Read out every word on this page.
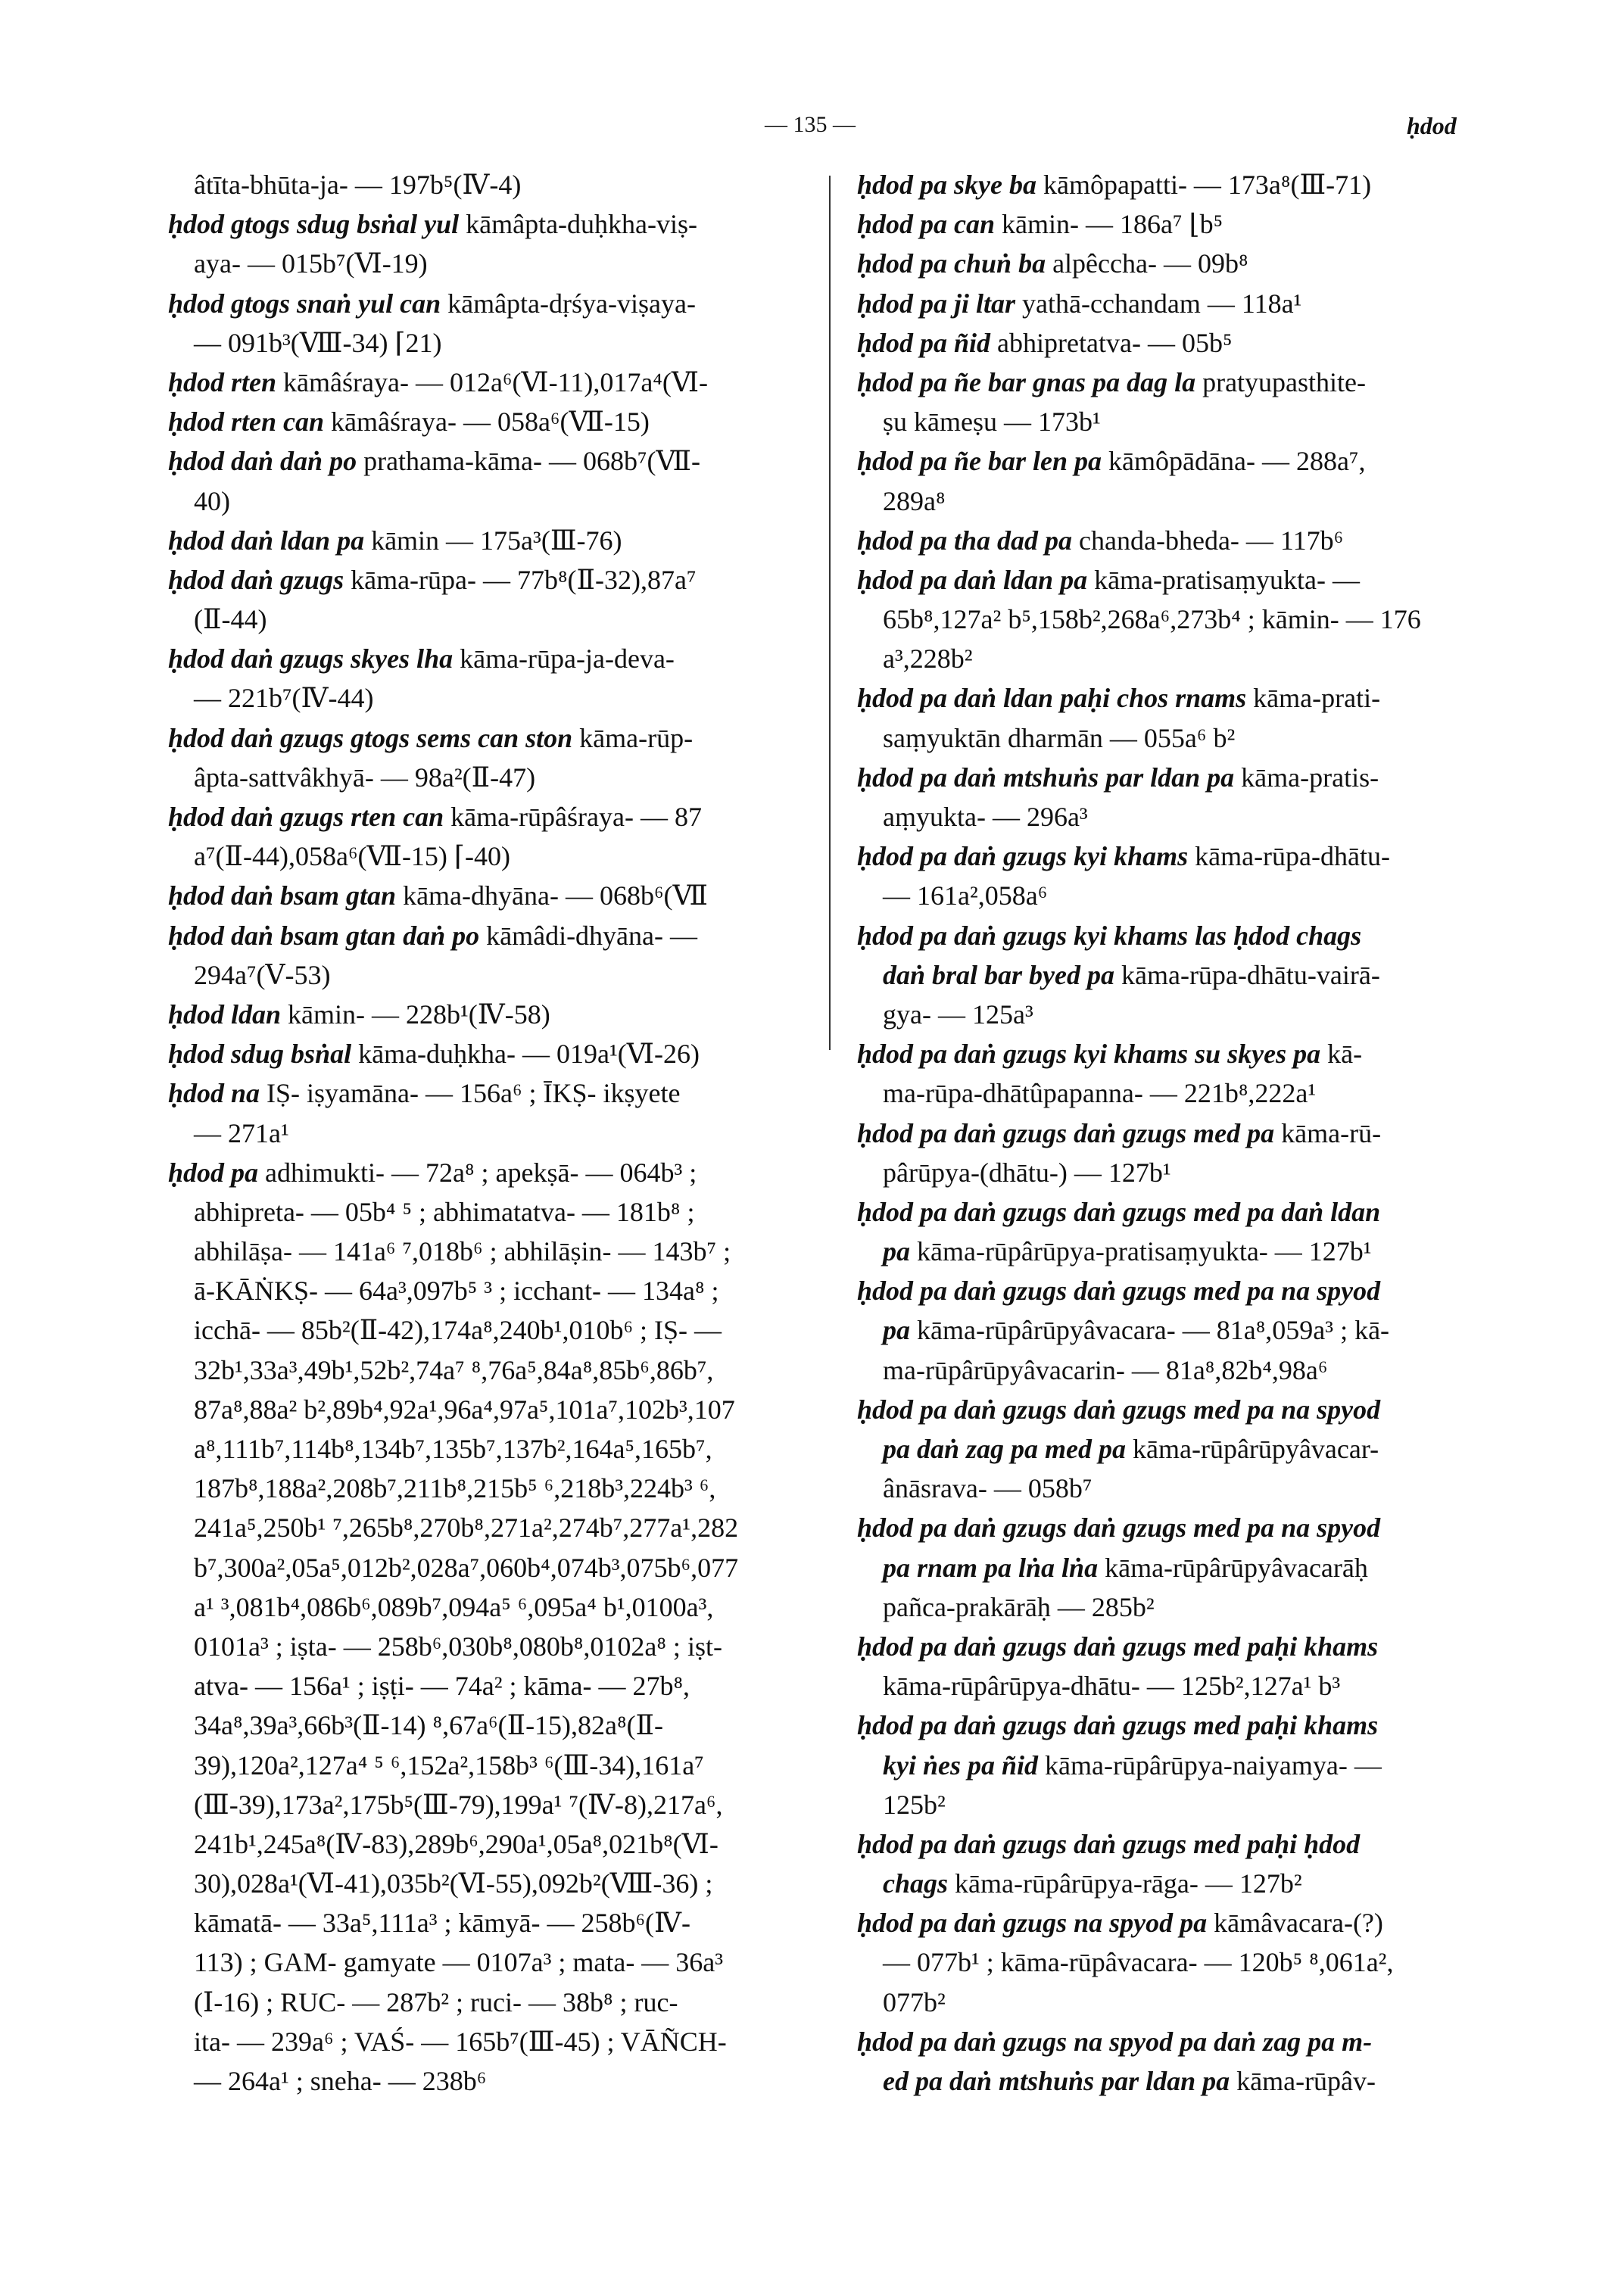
— 135 —	ḥdod
âtīta-bhūta-ja- — 197b⁵(Ⅳ-4)
ḥdod gtogs sdug bsṅal yul kāmâpta-duḥkha-viṣ-
aya- — 015b⁷(Ⅵ-19)
ḥdod gtogs snaṅ yul can kāmâpta-dṛśya-viṣaya-
— 091b³(Ⅷ-34) ⌈21)
ḥdod rten kāmâśraya- — 012a⁶(Ⅵ-11),017a⁴(Ⅵ-
ḥdod rten can kāmâśraya- — 058a⁶(Ⅶ-15)
ḥdod daṅ daṅ po prathama-kāma- — 068b⁷(Ⅶ-
40)
ḥdod daṅ ldan pa kāmin — 175a³(Ⅲ-76)
ḥdod daṅ gzugs kāma-rūpa- — 77b⁸(Ⅱ-32),87a⁷
(Ⅱ-44)
ḥdod daṅ gzugs skyes lha kāma-rūpa-ja-deva-
— 221b⁷(Ⅳ-44)
ḥdod daṅ gzugs gtogs sems can ston kāma-rūp-
âpta-sattvâkhyā- — 98a²(Ⅱ-47)
ḥdod daṅ gzugs rten can kāma-rūpâśraya- — 87
a⁷(Ⅱ-44),058a⁶(Ⅶ-15) ⌈-40)
ḥdod daṅ bsam gtan kāma-dhyāna- — 068b⁶(Ⅶ
ḥdod daṅ bsam gtan daṅ po kāmâdi-dhyāna- —
294a⁷(Ⅴ-53)
ḥdod ldan kāmin- — 228b¹(Ⅳ-58)
ḥdod sdug bsṅal kāma-duḥkha- — 019a¹(Ⅵ-26)
ḥdod na IṢ- iṣyamāna- — 156a⁶ ; ĪKṢ- ikṣyete
— 271a¹
ḥdod pa adhimukti- — 72a⁸ ; apekṣā- — 064b³ ;
abhipreta- — 05b⁴ ⁵ ; abhimatatva- — 181b⁸ ;
abhilāṣa- — 141a⁶ ⁷,018b⁶ ; abhilāṣin- — 143b⁷ ;
ā-KĀṄKṢ- — 64a³,097b⁵ ³ ; icchant- — 134a⁸ ;
icchā- — 85b²(Ⅱ-42),174a⁸,240b¹,010b⁶ ; IṢ- —
32b¹,33a³,49b¹,52b²,74a⁷ ⁸,76a⁵,84a⁸,85b⁶,86b⁷,
87a⁸,88a² b²,89b⁴,92a¹,96a⁴,97a⁵,101a⁷,102b³,107
a⁸,111b⁷,114b⁸,134b⁷,135b⁷,137b²,164a⁵,165b⁷,
187b⁸,188a²,208b⁷,211b⁸,215b⁵ ⁶,218b³,224b³ ⁶,
241a⁵,250b¹ ⁷,265b⁸,270b⁸,271a²,274b⁷,277a¹,282
b⁷,300a²,05a⁵,012b²,028a⁷,060b⁴,074b³,075b⁶,077
a¹ ³,081b⁴,086b⁶,089b⁷,094a⁵ ⁶,095a⁴ b¹,0100a³,
0101a³ ; iṣta- — 258b⁶,030b⁸,080b⁸,0102a⁸ ; iṣt-
atva- — 156a¹ ; iṣṭi- — 74a² ; kāma- — 27b⁸,
34a⁸,39a³,66b³(Ⅱ-14) ⁸,67a⁶(Ⅱ-15),82a⁸(Ⅱ-
39),120a²,127a⁴ ⁵ ⁶,152a²,158b³ ⁶(Ⅲ-34),161a⁷
(Ⅲ-39),173a²,175b⁵(Ⅲ-79),199a¹ ⁷(Ⅳ-8),217a⁶,
241b¹,245a⁸(Ⅳ-83),289b⁶,290a¹,05a⁸,021b⁸(Ⅵ-
30),028a¹(Ⅵ-41),035b²(Ⅵ-55),092b²(Ⅷ-36) ;
kāmatā- — 33a⁵,111a³ ; kāmyā- — 258b⁶(Ⅳ-
113) ; GAM- gamyate — 0107a³ ; mata- — 36a³
(Ⅰ-16) ; RUC- — 287b² ; ruci- — 38b⁸ ; ruc-
ita- — 239a⁶ ; VAŚ- — 165b⁷(Ⅲ-45) ; VĀÑCH-
— 264a¹ ; sneha- — 238b⁶
ḥdod pa skye ba kāmôpapatti- — 173a⁸(Ⅲ-71)
ḥdod pa can kāmin- — 186a⁷ ⌊b⁵
ḥdod pa chuṅ ba alpêccha- — 09b⁸
ḥdod pa ji ltar yathā-cchandam — 118a¹
ḥdod pa ñid abhipretatva- — 05b⁵
ḥdod pa ñe bar gnas pa dag la pratyupasthite-
ṣu kāmeṣu — 173b¹
ḥdod pa ñe bar len pa kāmôpādāna- — 288a⁷,
289a⁸
ḥdod pa tha dad pa chanda-bheda- — 117b⁶
ḥdod pa daṅ ldan pa kāma-pratisaṃyukta- —
65b⁸,127a² b⁵,158b²,268a⁶,273b⁴ ; kāmin- — 176
a³,228b²
ḥdod pa daṅ ldan paḥi chos rnams kāma-prati-
saṃyuktān dharmān — 055a⁶ b²
ḥdod pa daṅ mtshuṅs par ldan pa kāma-pratis-
aṃyukta- — 296a³
ḥdod pa daṅ gzugs kyi khams kāma-rūpa-dhātu-
— 161a²,058a⁶
ḥdod pa daṅ gzugs kyi khams las ḥdod chags
daṅ bral bar byed pa kāma-rūpa-dhātu-vairā-
gya- — 125a³
ḥdod pa daṅ gzugs kyi khams su skyes pa kā-
ma-rūpa-dhātûpapanna- — 221b⁸,222a¹
ḥdod pa daṅ gzugs daṅ gzugs med pa kāma-rū-
pârūpya-(dhātu-) — 127b¹
ḥdod pa daṅ gzugs daṅ gzugs med pa daṅ ldan
pa kāma-rūpârūpya-pratisaṃyukta- — 127b¹
ḥdod pa daṅ gzugs daṅ gzugs med pa na spyod
pa kāma-rūpârūpyâvacara- — 81a⁸,059a³ ; kā-
ma-rūpârūpyâvacarin- — 81a⁸,82b⁴,98a⁶
ḥdod pa daṅ gzugs daṅ gzugs med pa na spyod
pa daṅ zag pa med pa kāma-rūpârūpyâvacar-
ânāsrava- — 058b⁷
ḥdod pa daṅ gzugs daṅ gzugs med pa na spyod
pa rnam pa lṅa lṅa kāma-rūpârūpyâvacarāḥ
pañca-prakārāḥ — 285b²
ḥdod pa daṅ gzugs daṅ gzugs med paḥi khams
kāma-rūpârūpya-dhātu- — 125b²,127a¹ b³
ḥdod pa daṅ gzugs daṅ gzugs med paḥi khams
kyi ṅes pa ñid kāma-rūpârūpya-naiyamya- —
125b²
ḥdod pa daṅ gzugs daṅ gzugs med paḥi ḥdod
chags kāma-rūpârūpya-rāga- — 127b²
ḥdod pa daṅ gzugs na spyod pa kāmâvacara-(?)
— 077b¹ ; kāma-rūpâvacara- — 120b⁵ ⁸,061a²,
077b²
ḥdod pa daṅ gzugs na spyod pa daṅ zag pa m-
ed pa daṅ mtshuṅs par ldan pa kāma-rūpâv-
